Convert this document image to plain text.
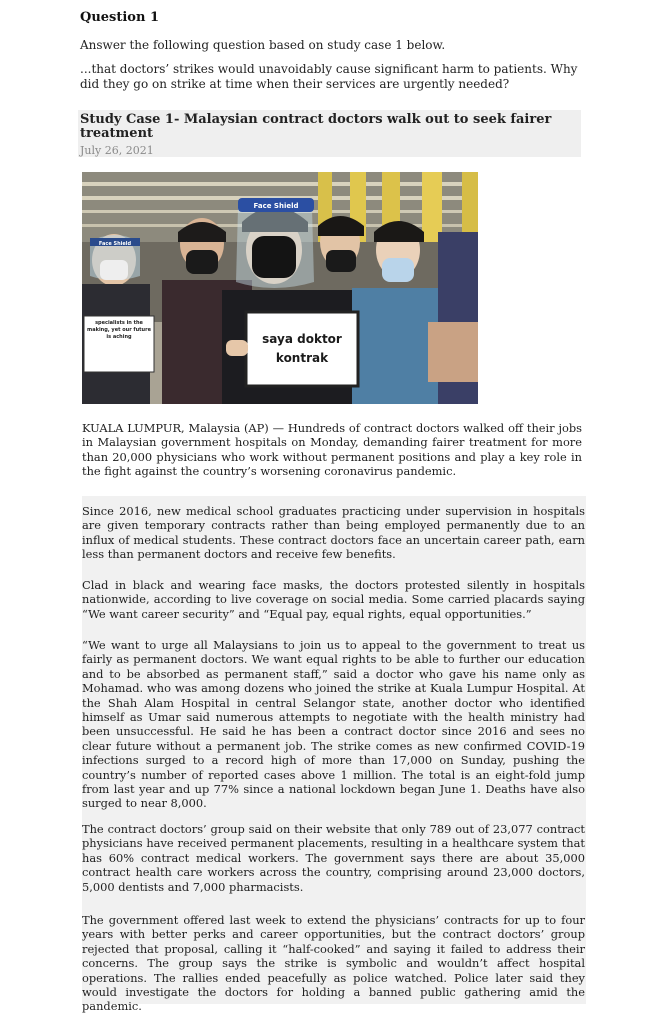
Question 1
Answer the following question based on study case 1 below.
...that doctors’ strikes would unavoidably cause significant harm to patients. Why did they go on strike at time when their services are urgently needed?
Study Case 1- Malaysian contract doctors walk out to seek fairer treatment
July 26, 2021
saya doktor
kontrak
Face Shield
Face Shield
specialists in the making, yet our future is aching
KUALA LUMPUR, Malaysia (AP) — Hundreds of contract doctors walked off their jobs in Malaysian government hospitals on Monday, demanding fairer treatment for more than 20,000 physicians who work without permanent positions and play a key role in the fight against the country’s worsening coronavirus pandemic.
Since 2016, new medical school graduates practicing under supervision in hospitals are given temporary contracts rather than being employed permanently due to an influx of medical students. These contract doctors face an uncertain career path, earn less than permanent doctors and receive few benefits.
Clad in black and wearing face masks, the doctors protested silently in hospitals nationwide, according to live coverage on social media. Some carried placards saying “We want career security” and “Equal pay, equal rights, equal opportunities.”
“We want to urge all Malaysians to join us to appeal to the government to treat us fairly as permanent doctors. We want equal rights to be able to further our education and to be absorbed as permanent staff,” said a doctor who gave his name only as Mohamad. who was among dozens who joined the strike at Kuala Lumpur Hospital. At the Shah Alam Hospital in central Selangor state, another doctor who identified himself as Umar said numerous attempts to negotiate with the health ministry had been unsuccessful. He said he has been a contract doctor since 2016 and sees no clear future without a permanent job. The strike comes as new confirmed COVID-19 infections surged to a record high of more than 17,000 on Sunday, pushing the country’s number of reported cases above 1 million. The total is an eight-fold jump from last year and up 77% since a national lockdown began June 1. Deaths have also surged to near 8,000.
The contract doctors’ group said on their website that only 789 out of 23,077 contract physicians have received permanent placements, resulting in a healthcare system that has 60% contract medical workers. The government says there are about 35,000 contract health care workers across the country, comprising around 23,000 doctors, 5,000 dentists and 7,000 pharmacists.
The government offered last week to extend the physicians’ contracts for up to four years with better perks and career opportunities, but the contract doctors’ group rejected that proposal, calling it “half-cooked” and saying it failed to address their concerns. The group says the strike is symbolic and wouldn’t affect hospital operations. The rallies ended peacefully as police watched. Police later said they would investigate the doctors for holding a banned public gathering amid the pandemic.
